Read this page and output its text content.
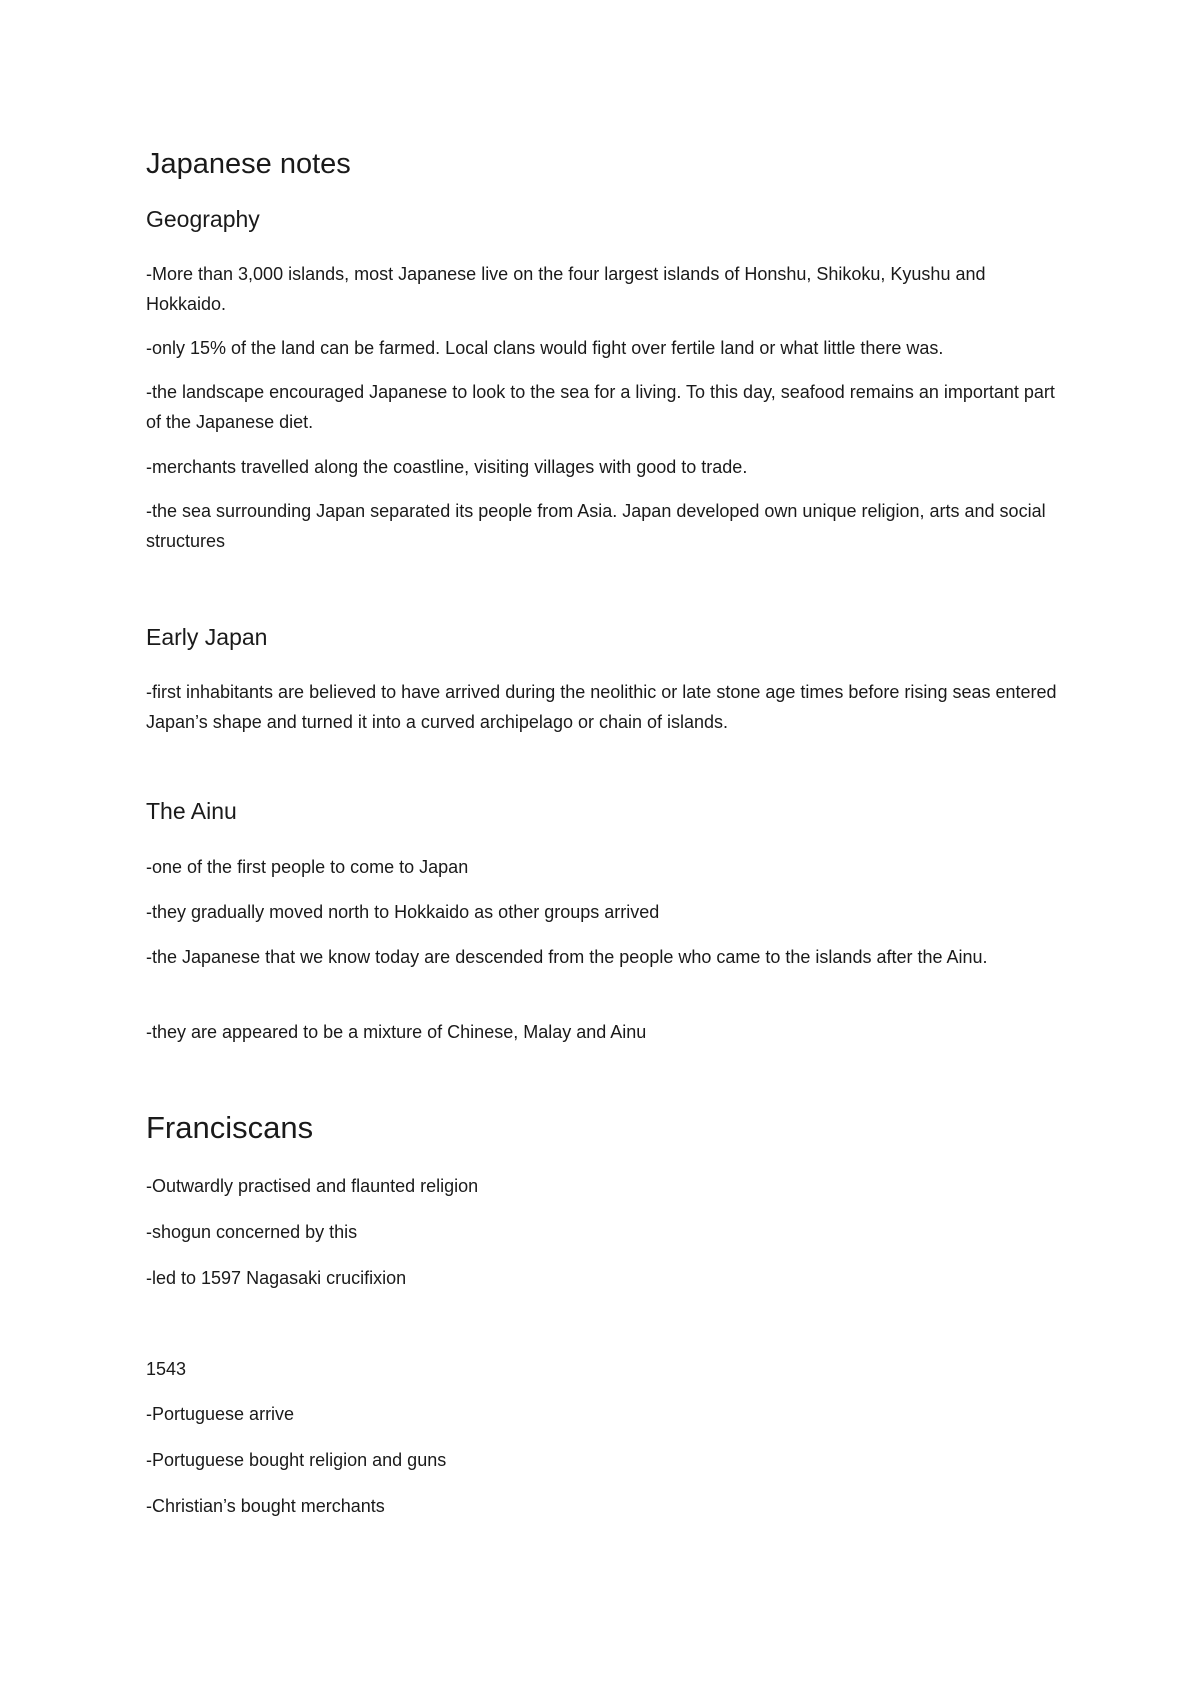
Japanese notes
Geography

-More than 3,000 islands, most Japanese live on the four largest islands of Honshu, Shikoku, Kyushu and Hokkaido.

-only 15% of the land can be farmed. Local clans would fight over fertile land or what little there was.

-the landscape encouraged Japanese to look to the sea for a living. To this day, seafood remains an important part of the Japanese diet.

-merchants travelled along the coastline, visiting villages with good to trade.

-the sea surrounding Japan separated its people from Asia. Japan developed own unique religion, arts and social structures

Early Japan

-first inhabitants are believed to have arrived during the neolithic or late stone age times before rising seas entered Japan’s shape and turned it into a curved archipelago or chain of islands.

The Ainu

-one of the first people to come to Japan

-they gradually moved north to Hokkaido as other groups arrived

-the Japanese that we know today are descended from the people who came to the islands after the Ainu.

-they are appeared to be a mixture of Chinese, Malay and Ainu

Franciscans

-Outwardly practised and flaunted religion

-shogun concerned by this

-led to 1597 Nagasaki crucifixion

1543

-Portuguese arrive

-Portuguese bought religion and guns

-Christian’s bought merchants
